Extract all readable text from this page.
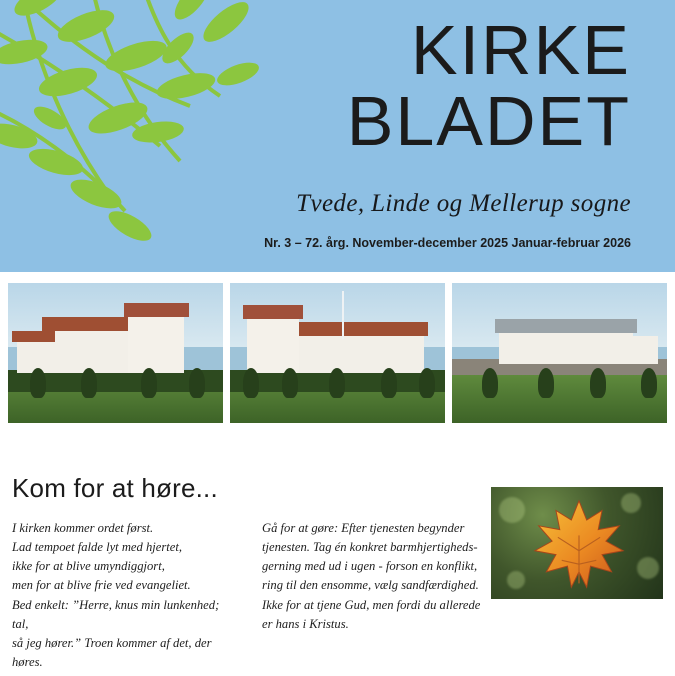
KIRKE
BLADET
Tvede, Linde og Mellerup sogne
Nr. 3 – 72. årg. November-december 2025 Januar-februar 2026
Kom for at høre...

I kirken kommer ordet først.

Lad tempoet falde lyt med hjertet,

ikke for at blive umyndiggjort,

men for at blive frie ved evangeliet.

Bed enkelt: ”Herre, knus min lunkenhed; tal,

så jeg hører.” Troen kommer af det, der høres.

Gå for at gøre: Efter tjenesten begynder

tjenesten. Tag én konkret barmhjertigheds-

gerning med ud i ugen - forson en konflikt,

ring til den ensomme, vælg sandfærdighed.

Ikke for at tjene Gud, men fordi du allerede

er hans i Kristus.
